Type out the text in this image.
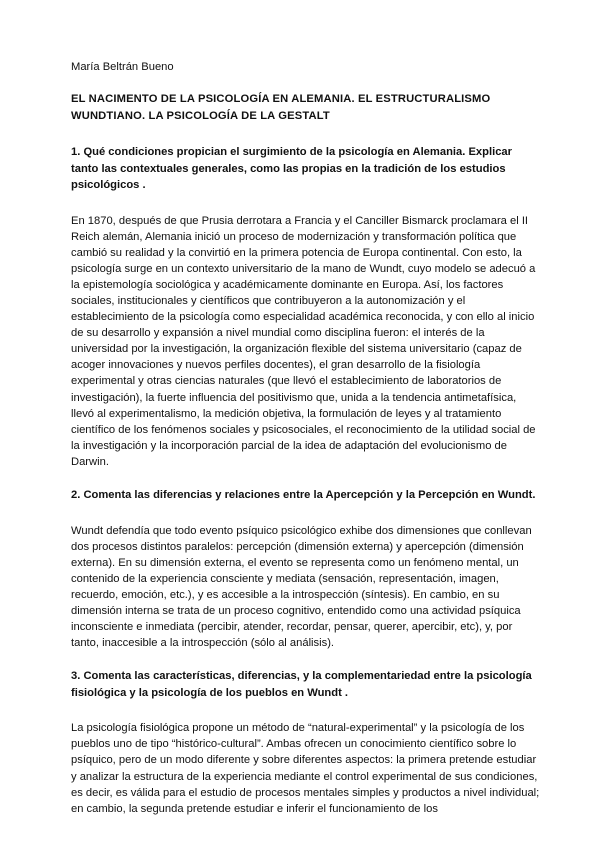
María Beltrán Bueno

EL NACIMENTO DE LA PSICOLOGÍA EN ALEMANIA. EL ESTRUCTURALISMO WUNDTIANO. LA PSICOLOGÍA DE LA GESTALT

1. Qué condiciones propician el surgimiento de la psicología en Alemania. Explicar tanto las contextuales generales, como las propias en la tradición de los estudios psicológicos .

En 1870, después de que Prusia derrotara a Francia y el Canciller Bismarck proclamara el II Reich alemán, Alemania inició un proceso de modernización y transformación política que cambió su realidad y la convirtió en la primera potencia de Europa continental. Con esto, la psicología surge en un contexto universitario de la mano de Wundt, cuyo modelo se adecuó a la epistemología sociológica y académicamente dominante en Europa. Así, los factores sociales, institucionales y científicos que contribuyeron a la autonomización y el establecimiento de la psicología como especialidad académica reconocida, y con ello al inicio de su desarrollo y expansión a nivel mundial como disciplina fueron: el interés de la universidad por la investigación, la organización flexible del sistema universitario (capaz de acoger innovaciones y nuevos perfiles docentes), el gran desarrollo de la fisiología experimental y otras ciencias naturales (que llevó el establecimiento de laboratorios de investigación), la fuerte influencia del positivismo que, unida a la tendencia antimetafísica, llevó al experimentalismo, la medición objetiva, la formulación de leyes y al tratamiento científico de los fenómenos sociales y psicosociales, el reconocimiento de la utilidad social de la investigación y la incorporación parcial de la idea de adaptación del evolucionismo de Darwin.

2. Comenta las diferencias y relaciones entre la Apercepción y la Percepción en Wundt.

Wundt defendía que todo evento psíquico psicológico exhibe dos dimensiones que conllevan dos procesos distintos paralelos: percepción (dimensión externa) y apercepción (dimensión externa). En su dimensión externa, el evento se representa como un fenómeno mental, un contenido de la experiencia consciente y mediata (sensación, representación, imagen, recuerdo, emoción, etc.), y es accesible a la introspección (síntesis). En cambio, en su dimensión interna se trata de un proceso cognitivo, entendido como una actividad psíquica inconsciente e inmediata (percibir, atender, recordar, pensar, querer, apercibir, etc), y, por tanto, inaccesible a la introspección (sólo al análisis).

3. Comenta las características, diferencias, y la complementariedad entre la psicología fisiológica y la psicología de los pueblos en Wundt .

La psicología fisiológica propone un método de “natural-experimental” y la psicología de los pueblos uno de tipo “histórico-cultural”. Ambas ofrecen un conocimiento científico sobre lo psíquico, pero de un modo diferente y sobre diferentes aspectos: la primera pretende estudiar y analizar la estructura de la experiencia mediante el control experimental de sus condiciones, es decir, es válida para el estudio de procesos mentales simples y productos a nivel individual; en cambio, la segunda pretende estudiar e inferir el funcionamiento de los
